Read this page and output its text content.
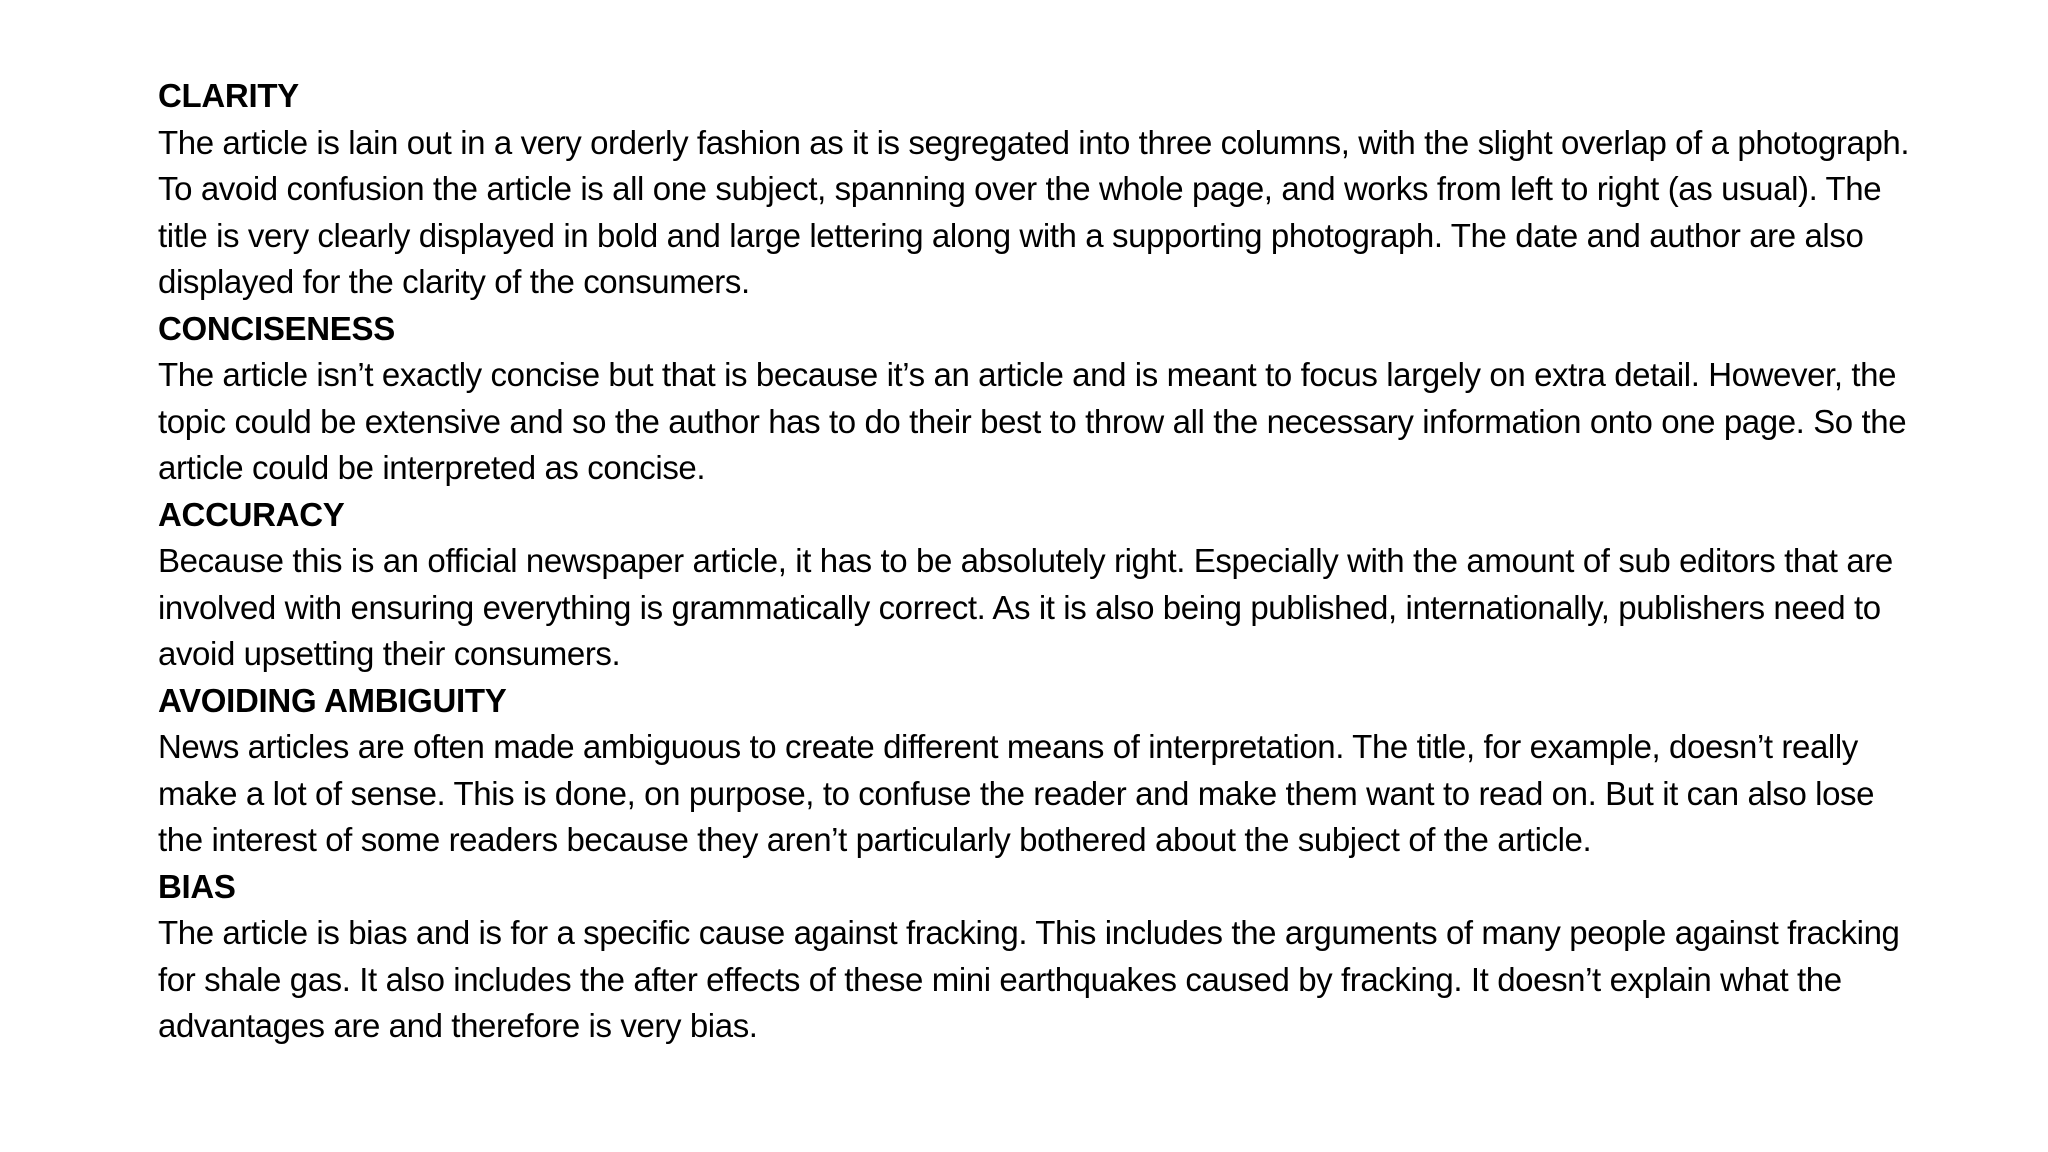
CLARITY

The article is lain out in a very orderly fashion as it is segregated into three columns, with the slight overlap of a photograph. To avoid confusion the article is all one subject, spanning over the whole page, and works from left to right (as usual). The title is very clearly displayed in bold and large lettering along with a supporting photograph. The date and author are also displayed for the clarity of the consumers.

CONCISENESS

The article isn’t exactly concise but that is because it’s an article and is meant to focus largely on extra detail. However, the topic could be extensive and so the author has to do their best to throw all the necessary information onto one page. So the article could be interpreted as concise.

ACCURACY

Because this is an official newspaper article, it has to be absolutely right. Especially with the amount of sub editors that are involved with ensuring everything is grammatically correct. As it is also being published, internationally, publishers need to avoid upsetting their consumers.

AVOIDING AMBIGUITY

News articles are often made ambiguous to create different means of interpretation. The title, for example, doesn’t really make a lot of sense. This is done, on purpose, to confuse the reader and make them want to read on. But it can also lose the interest of some readers because they aren’t particularly bothered about the subject of the article.

BIAS

The article is bias and is for a specific cause against fracking. This includes the arguments of many people against fracking for shale gas. It also includes the after effects of these mini earthquakes caused by fracking. It doesn’t explain what the advantages are and therefore is very bias.
